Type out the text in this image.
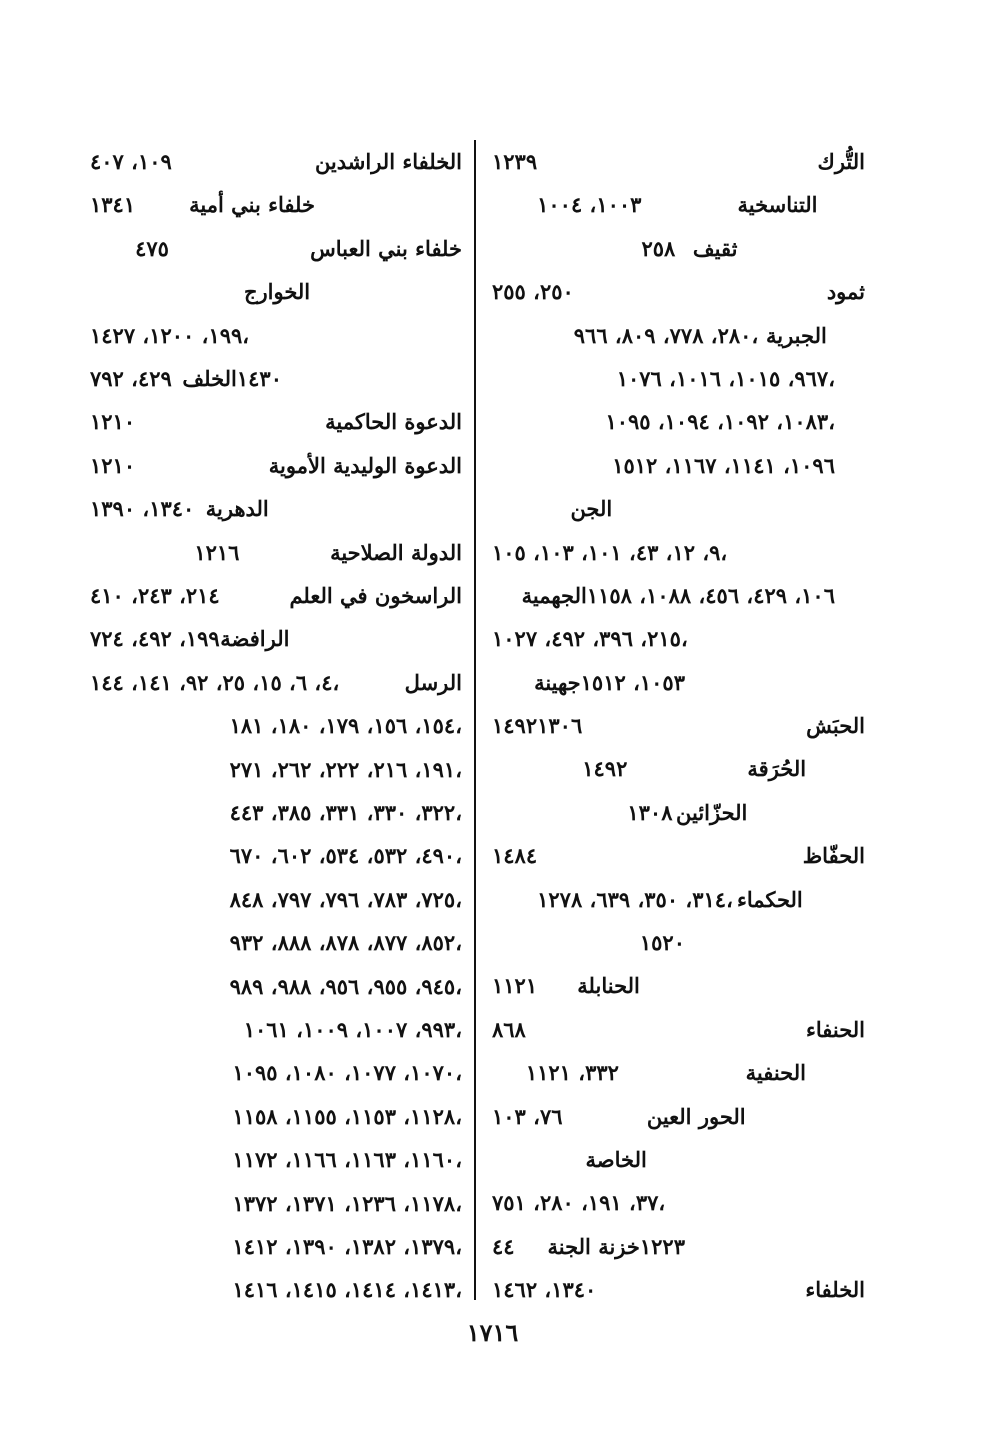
التُّرك
١٢٣٩
التناسخية
١٠٠٣، ١٠٠٤
ثقيف
٢٥٨
ثمود
٢٥٠، ٢٥٥
الجبرية
٢٨٠، ٧٧٨، ٨٠٩، ٩٦٦،
٩٦٧، ١٠١٥، ١٠١٦، ١٠٧٦،
١٠٨٣، ١٠٩٢، ١٠٩٤، ١٠٩٥،
١٠٩٦، ١١٤١، ١١٦٧، ١٥١٢
الجن
٩، ١٢، ٤٣، ١٠١، ١٠٣، ١٠٥،
١٠٦، ٤٢٩، ٤٥٦، ١٠٨٨، ١١٥٨
الجهمية
٢١٥، ٣٩٦، ٤٩٢، ١٠٢٧،
١٠٥٣، ١٥١٢
جهينة
١٤٩٢	الحبَش
١٣٠٦
الحُرَقة
١٤٩٢
الحزّائين
١٣٠٨
الحفّاظ
١٤٨٤
الحكماء
٣١٤، ٣٥٠، ٦٣٩، ١٢٧٨،
١٥٢٠
الحنابلة
١١٢١
الحنفاء
٨٦٨
الحنفية
٣٣٢، ١١٢١
الحور العين
٧٦، ١٠٣
الخاصة
٣٧، ١٩١، ٢٨٠، ٧٥١،
١٢٢٣
خزنة الجنة
٤٤
الخلفاء
١٣٤٠، ١٤٦٢
الخلفاء الراشدين
١٠٩، ٤٠٧
خلفاء بني أمية
١٣٤١
خلفاء بني العباس
٤٧٥
الخوارج
١٩٩، ١٢٠٠، ١٤٢٧،
١٤٣٠
الخلف
٤٢٩، ٧٩٢
الدعوة الحاكمية
١٢١٠
الدعوة الوليدية الأموية
١٢١٠
الدهرية
١٣٤٠، ١٣٩٠
الدولة الصلاحية
١٢١٦
الراسخون في العلم
٢١٤، ٢٤٣، ٤١٠
الرافضة
١٩٩، ٤٩٢، ٧٢٤
الرسل
٤، ٦، ١٥، ٢٥، ٩٢، ١٤١، ١٤٤،
١٥٤، ١٥٦، ١٧٩، ١٨٠، ١٨١،
١٩١، ٢١٦، ٢٢٢، ٢٦٢، ٢٧١،
٣٢٢، ٣٣٠، ٣٣١، ٣٨٥، ٤٤٣،
٤٩٠، ٥٣٢، ٥٣٤، ٦٠٢، ٦٧٠،
٧٢٥، ٧٨٣، ٧٩٦، ٧٩٧، ٨٤٨،
٨٥٢، ٨٧٧، ٨٧٨، ٨٨٨، ٩٣٢،
٩٤٥، ٩٥٥، ٩٥٦، ٩٨٨، ٩٨٩،
٩٩٣، ١٠٠٧، ١٠٠٩، ١٠٦١،
١٠٧٠، ١٠٧٧، ١٠٨٠، ١٠٩٥،
١١٢٨، ١١٥٣، ١١٥٥، ١١٥٨،
١١٦٠، ١١٦٣، ١١٦٦، ١١٧٢،
١١٧٨، ١٢٣٦، ١٣٧١، ١٣٧٢،
١٣٧٩، ١٣٨٢، ١٣٩٠، ١٤١٢،
١٤١٣، ١٤١٤، ١٤١٥، ١٤١٦،
١٧١٦
